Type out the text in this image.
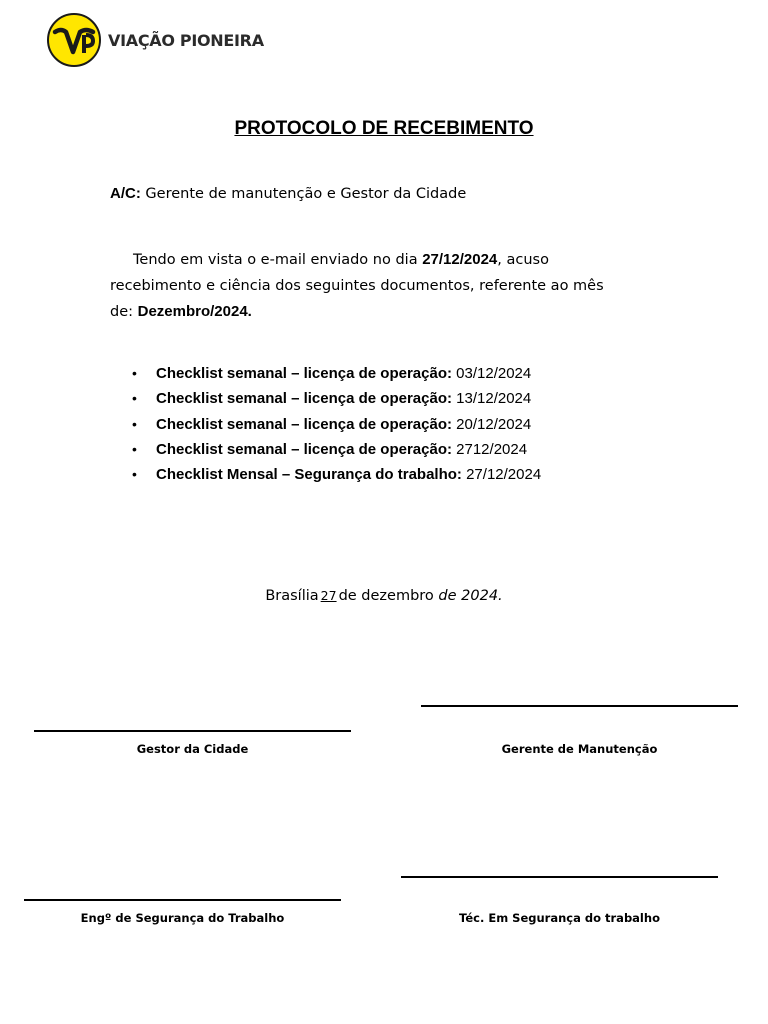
VIAÇÃO PIONEIRA
PROTOCOLO DE RECEBIMENTO
A/C: Gerente de manutenção e Gestor da Cidade
Tendo em vista o e-mail enviado no dia 27/12/2024, acuso
recebimento e ciência dos seguintes documentos, referente ao mês
de: Dezembro/2024.
• Checklist semanal – licença de operação: 03/12/2024
• Checklist semanal – licença de operação: 13/12/2024
• Checklist semanal – licença de operação: 20/12/2024
• Checklist semanal – licença de operação: 2712/2024
• Checklist Mensal – Segurança do trabalho: 27/12/2024
Brasília 27 de dezembro de 2024.
Gestor da Cidade	Gerente de Manutenção
Engº de Segurança do Trabalho	Téc. Em Segurança do trabalho
